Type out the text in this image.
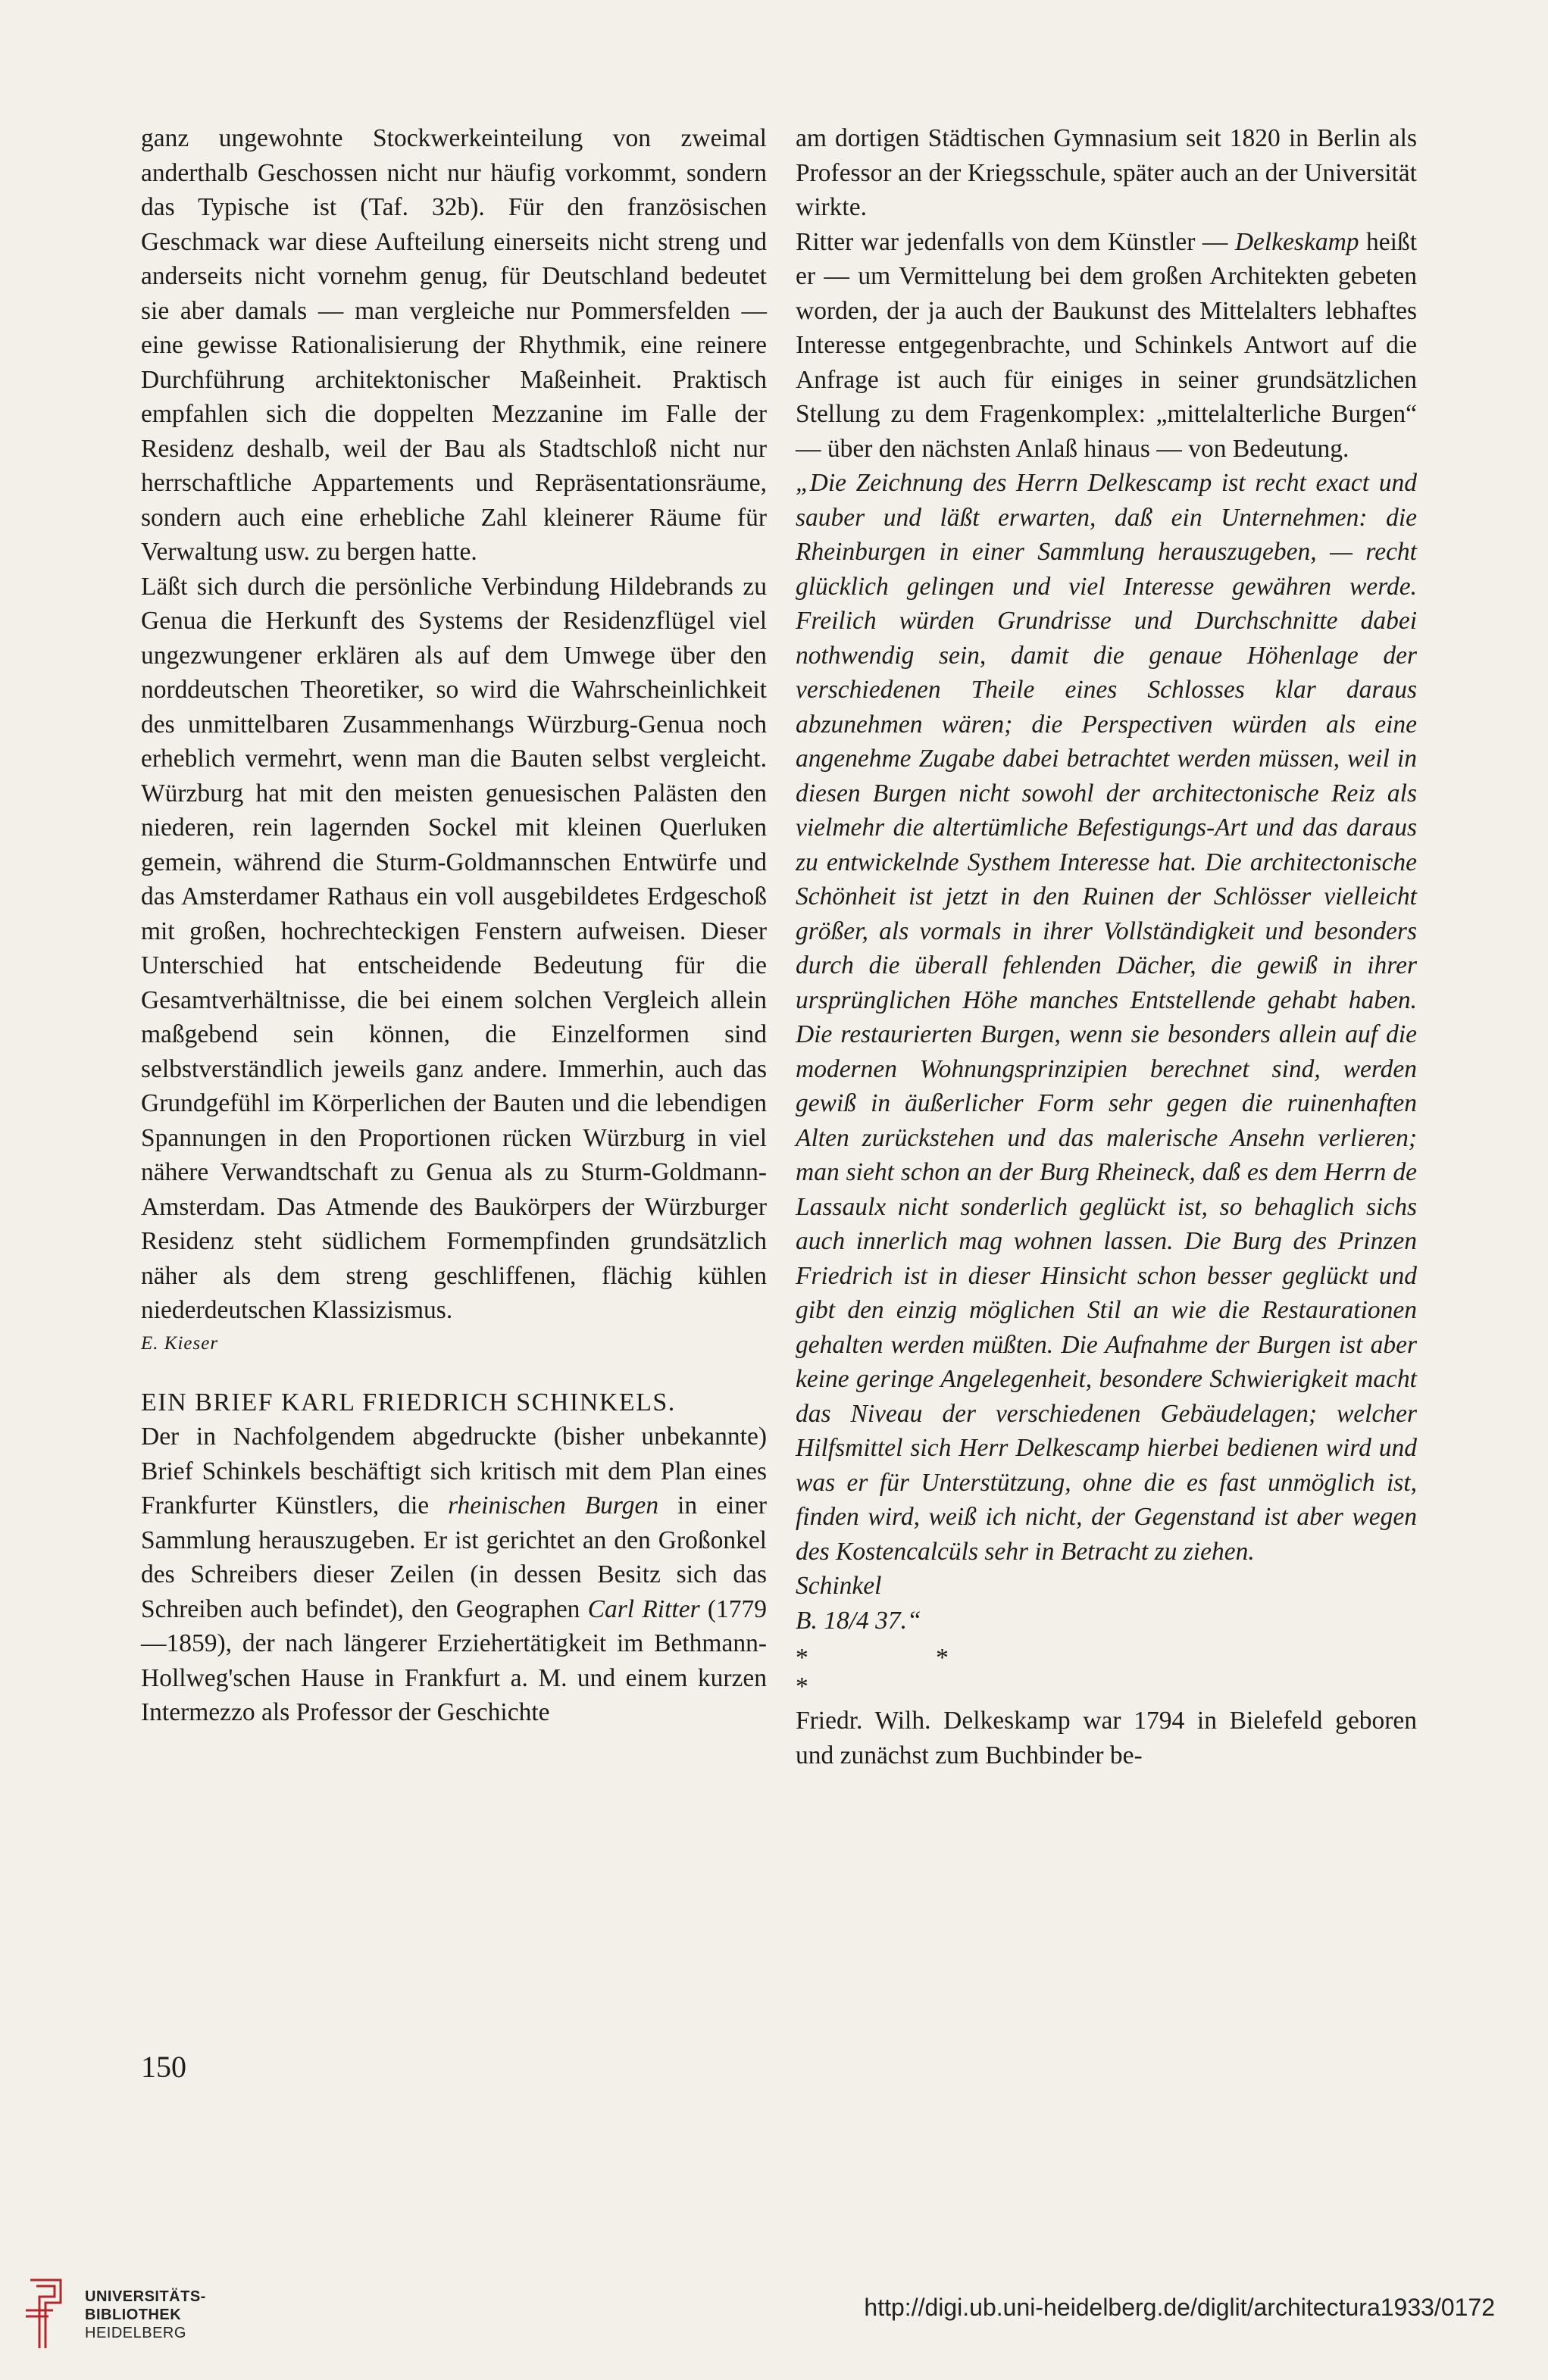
ganz ungewohnte Stockwerkeinteilung von zweimal anderthalb Geschossen nicht nur häufig vorkommt, sondern das Typische ist (Taf. 32b). Für den französischen Geschmack war diese Aufteilung einerseits nicht streng und anderseits nicht vornehm genug, für Deutschland bedeutet sie aber damals — man vergleiche nur Pommersfelden — eine gewisse Rationalisierung der Rhythmik, eine reinere Durchführung architektonischer Maßeinheit. Praktisch empfahlen sich die doppelten Mezzanine im Falle der Residenz deshalb, weil der Bau als Stadtschloß nicht nur herrschaftliche Appartements und Repräsentationsräume, sondern auch eine erhebliche Zahl kleinerer Räume für Verwaltung usw. zu bergen hatte.

Läßt sich durch die persönliche Verbindung Hildebrands zu Genua die Herkunft des Systems der Residenzflügel viel ungezwungener erklären als auf dem Umwege über den norddeutschen Theoretiker, so wird die Wahrscheinlichkeit des unmittelbaren Zusammenhangs Würzburg-Genua noch erheblich vermehrt, wenn man die Bauten selbst vergleicht. Würzburg hat mit den meisten genuesischen Palästen den niederen, rein lagernden Sockel mit kleinen Querluken gemein, während die Sturm-Goldmannschen Entwürfe und das Amsterdamer Rathaus ein voll ausgebildetes Erdgeschoß mit großen, hochrechteckigen Fenstern aufweisen. Dieser Unterschied hat entscheidende Bedeutung für die Gesamtverhältnisse, die bei einem solchen Vergleich allein maßgebend sein können, die Einzelformen sind selbstverständlich jeweils ganz andere. Immerhin, auch das Grundgefühl im Körperlichen der Bauten und die lebendigen Spannungen in den Proportionen rücken Würzburg in viel nähere Verwandtschaft zu Genua als zu Sturm-Goldmann-Amsterdam. Das Atmende des Baukörpers der Würzburger Residenz steht südlichem Formempfinden grundsätzlich näher als dem streng geschliffenen, flächig kühlen niederdeutschen Klassizismus.

E. Kieser

EIN BRIEF KARL FRIEDRICH SCHINKELS.

Der in Nachfolgendem abgedruckte (bisher unbekannte) Brief Schinkels beschäftigt sich kritisch mit dem Plan eines Frankfurter Künstlers, die rheinischen Burgen in einer Sammlung herauszugeben. Er ist gerichtet an den Großonkel des Schreibers dieser Zeilen (in dessen Besitz sich das Schreiben auch befindet), den Geographen Carl Ritter (1779—1859), der nach längerer Erziehertätigkeit im Bethmann-Hollweg'schen Hause in Frankfurt a. M. und einem kurzen Intermezzo als Professor der Geschichte

am dortigen Städtischen Gymnasium seit 1820 in Berlin als Professor an der Kriegsschule, später auch an der Universität wirkte.

Ritter war jedenfalls von dem Künstler — Delkeskamp heißt er — um Vermittelung bei dem großen Architekten gebeten worden, der ja auch der Baukunst des Mittelalters lebhaftes Interesse entgegenbrachte, und Schinkels Antwort auf die Anfrage ist auch für einiges in seiner grundsätzlichen Stellung zu dem Fragenkomplex: „mittelalterliche Burgen“ — über den nächsten Anlaß hinaus — von Bedeutung.

„Die Zeichnung des Herrn Delkescamp ist recht exact und sauber und läßt erwarten, daß ein Unternehmen: die Rheinburgen in einer Sammlung herauszugeben, — recht glücklich gelingen und viel Interesse gewähren werde. Freilich würden Grundrisse und Durchschnitte dabei nothwendig sein, damit die genaue Höhenlage der verschiedenen Theile eines Schlosses klar daraus abzunehmen wären; die Perspectiven würden als eine angenehme Zugabe dabei betrachtet werden müssen, weil in diesen Burgen nicht sowohl der architectonische Reiz als vielmehr die altertümliche Befestigungs-Art und das daraus zu entwickelnde Systhem Interesse hat. Die architectonische Schönheit ist jetzt in den Ruinen der Schlösser vielleicht größer, als vormals in ihrer Vollständigkeit und besonders durch die überall fehlenden Dächer, die gewiß in ihrer ursprünglichen Höhe manches Entstellende gehabt haben. Die restaurierten Burgen, wenn sie besonders allein auf die modernen Wohnungsprinzipien berechnet sind, werden gewiß in äußerlicher Form sehr gegen die ruinenhaften Alten zurückstehen und das malerische Ansehn verlieren; man sieht schon an der Burg Rheineck, daß es dem Herrn de Lassaulx nicht sonderlich geglückt ist, so behaglich sichs auch innerlich mag wohnen lassen. Die Burg des Prinzen Friedrich ist in dieser Hinsicht schon besser geglückt und gibt den einzig möglichen Stil an wie die Restaurationen gehalten werden müßten. Die Aufnahme der Burgen ist aber keine geringe Angelegenheit, besondere Schwierigkeit macht das Niveau der verschiedenen Gebäudelagen; welcher Hilfsmittel sich Herr Delkescamp hierbei bedienen wird und was er für Unterstützung, ohne die es fast unmöglich ist, finden wird, weiß ich nicht, der Gegenstand ist aber wegen des Kostencalcüls sehr in Betracht zu ziehen.

Schinkel

B. 18/4 37.“

* *

*

Friedr. Wilh. Delkeskamp war 1794 in Bielefeld geboren und zunächst zum Buchbinder be-

150
UNIVERSITÄTS-
BIBLIOTHEK
HEIDELBERG
http://digi.ub.uni-heidelberg.de/diglit/architectura1933/0172
